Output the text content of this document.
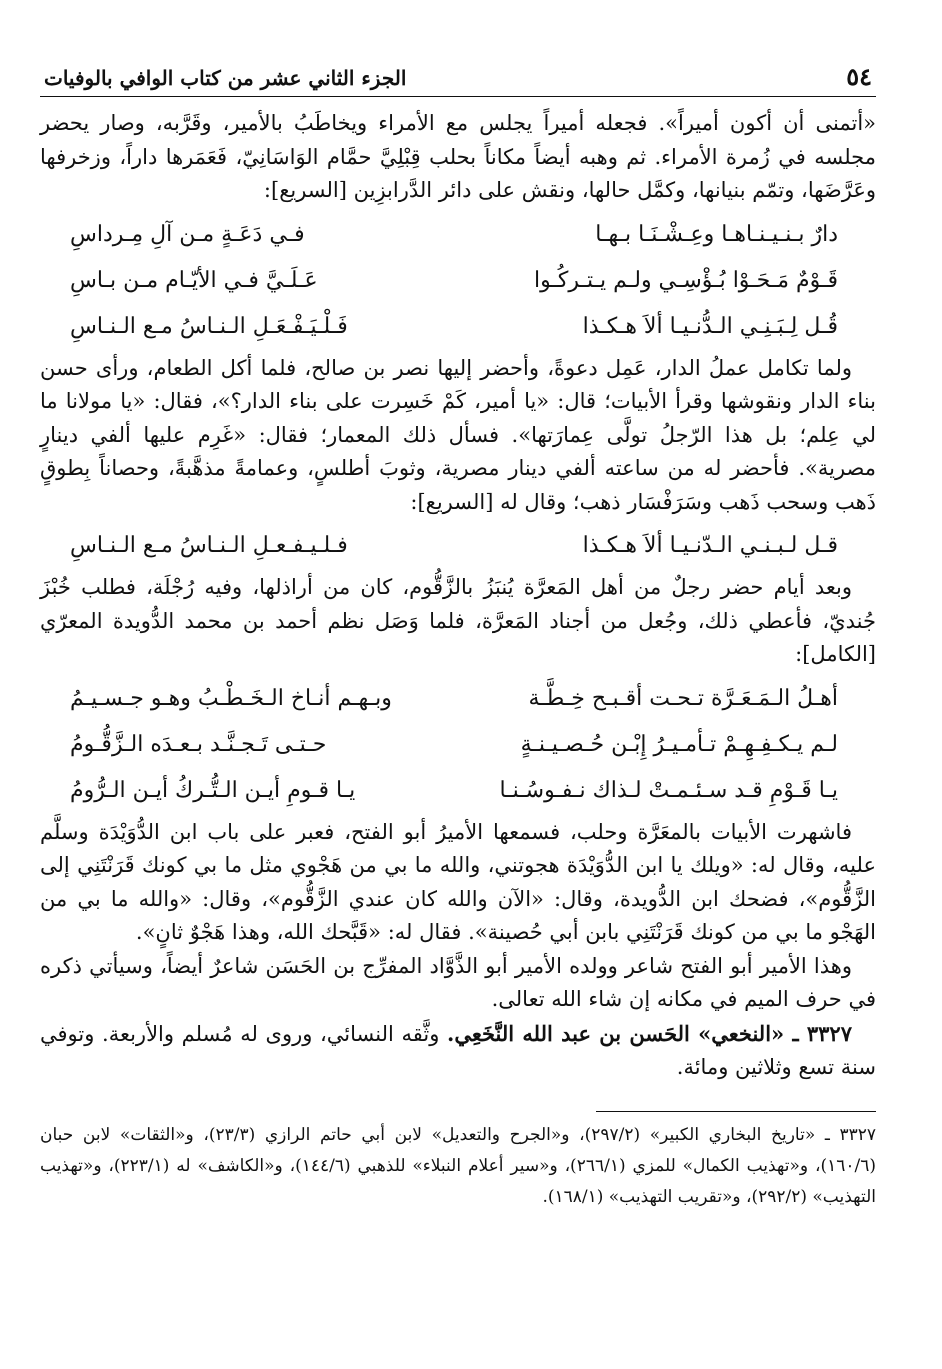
٥٤
الجزء الثاني عشر من كتاب الوافي بالوفيات

«أتمنى أن أكون أميراً». فجعله أميراً يجلس مع الأمراء ويخاطَبُ بالأمير، وقَرَّبه، وصار يحضر مجلسه في زُمرة الأمراء. ثم وهبه أيضاً مكاناً بحلب قِبْلِيَّ حمَّام الوَاسَانِيّ، فَعَمَرها داراً، وزخرفها وعَرَّضَها، وتمّم بنيانها، وكمَّل حالها، ونقش على دائر الدَّرابزِين [السريع]:

دارٌ بـنـيـنـاهـا وعِـشْـنَـا بـهـا
فـي دَعَـةٍ مـن آلِ مِـرداسِ
قَـوْمٌ مَـحَـوْا بُـؤْسِـي ولـم يـتـركُـوا
عَـلَـيَّ فـي الأيّـام مـن بـاسِ
قُـل لِـبَـنِـي الـدُّنـيـا ألاَ هـكـذا
فَـلْـيَـفْـعَـلِ الـنـاسُ مـع الـنـاسِ

ولما تكامل عملُ الدار، عَمِل دعوةً، وأحضر إليها نصر بن صالح، فلما أكل الطعام، ورأى حسن بناء الدار ونقوشها وقرأ الأبيات؛ قال: «يا أمير، كَمْ خَسِرت على بناء الدار؟»، فقال: «يا مولانا ما لي عِلم؛ بل هذا الرّجلُ تولَّى عِمارَتها». فسأل ذلك المعمار؛ فقال: «غَرِم عليها ألفي دينارٍ مصرية». فأحضر له من ساعته ألفي دينار مصرية، وثوبَ أطلسٍ، وعمامةً مذهَّبةً، وحصاناً بِطوقٍ ذَهب وسحب ذَهب وسَرَفْسَار ذهب؛ وقال له [السريع]:

قـل لـبـنـي الـدّنـيـا ألاَ هـكـذا
فـلـيـفـعـلِ الـنـاسُ مـع الـنـاسِ

وبعد أيام حضر رجلٌ من أهل المَعرَّة يُنبَزُ بالزَّقُّوم، كان من أراذلها، وفيه رُجْلَة، فطلب خُبْزَ جُنديّ، فأعطي ذلك، وجُعل من أجناد المَعرَّة، فلما وَصَل نظم أحمد بن محمد الدُّويدة المعرّي [الكامل]:

أهـلُ الـمَـعَـرَّة تـحـت أقـبـح خِـطَّـة
وبـهـم أنـاخ الـخَـطْـبُ وهـو جـسـيـمُ
لـم يـكـفِـهِـمْ تـأمـيـرُ إِبْـن حُـصـيـنـةٍ
حـتـى تَـجـنَّـد بـعـدَه الـزَّقُّـومُ
يـا قَـوْمِ قـد سـئـمـتْ لـذاك نـفـوسُـنـا
يـا قـومِ أيـن الـتُّـركُ أيـن الـرُّومُ

فاشهرت الأبيات بالمعَرَّة وحلب، فسمعها الأميرُ أبو الفتح، فعبر على باب ابن الدُّوَيْدَة وسلَّم عليه، وقال له: «ويلك يا ابن الدُّوَيْدَة هجوتني، والله ما بي من هَجْوي مثل ما بي كونك قَرَنْتَنِي إلى الزَّقُّوم»، فضحك ابن الدُّويدة، وقال: «الآن والله كان عندي الزَّقُّوم»، وقال: «والله ما بي من الهَجْو ما بي من كونك قَرَنْتَنِي بابن أبي حُصينة». فقال له: «قَبَّحك الله، وهذا هَجْوٌ ثانٍ».

وهذا الأمير أبو الفتح شاعر وولده الأمير أبو الذَّوَّاد المفرِّج بن الحَسَن شاعرٌ أيضاً، وسيأتي ذكره في حرف الميم في مكانه إن شاء الله تعالى.

٣٣٢٧ ـ «النخعي» الحَسن بن عبد الله النَّخَعِي. وثَّقه النسائي، وروى له مُسلم والأربعة. وتوفي سنة تسع وثلاثين ومائة.

٣٣٢٧ ـ «تاريخ البخاري الكبير» (٢٩٧/٢)، و«الجرح والتعديل» لابن أبي حاتم الرازي (٢٣/٣)، و«الثقات» لابن حبان (١٦٠/٦)، و«تهذيب الكمال» للمزي (٢٦٦/١)، و«سير أعلام النبلاء» للذهبي (١٤٤/٦)، و«الكاشف» له (٢٢٣/١)، و«تهذيب التهذيب» (٢٩٢/٢)، و«تقريب التهذيب» (١٦٨/١).
